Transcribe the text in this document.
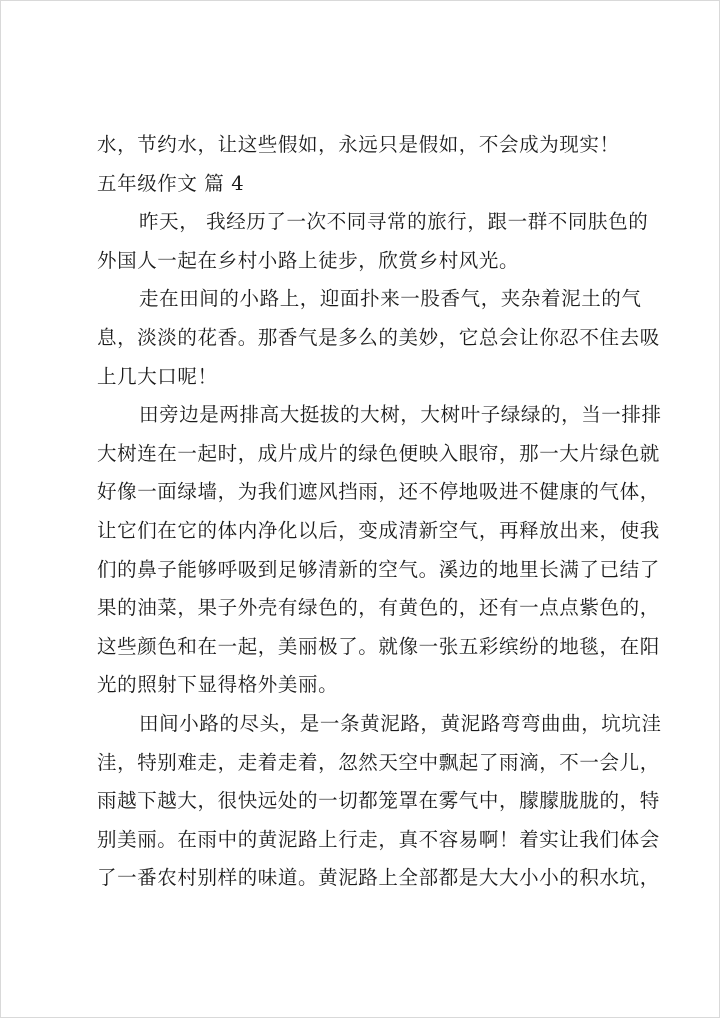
水，节约水，让这些假如，永远只是假如，不会成为现实！
五年级作文 篇 4
昨天， 我经历了一次不同寻常的旅行，跟一群不同肤色的
外国人一起在乡村小路上徒步，欣赏乡村风光。
走在田间的小路上，迎面扑来一股香气，夹杂着泥土的气
息，淡淡的花香。那香气是多么的美妙，它总会让你忍不住去吸
上几大口呢！
田旁边是两排高大挺拔的大树，大树叶子绿绿的，当一排排
大树连在一起时，成片成片的绿色便映入眼帘，那一大片绿色就
好像一面绿墙，为我们遮风挡雨，还不停地吸进不健康的气体，
让它们在它的体内净化以后，变成清新空气，再释放出来，使我
们的鼻子能够呼吸到足够清新的空气。溪边的地里长满了已结了
果的油菜，果子外壳有绿色的，有黄色的，还有一点点紫色的，
这些颜色和在一起，美丽极了。就像一张五彩缤纷的地毯，在阳
光的照射下显得格外美丽。
田间小路的尽头，是一条黄泥路，黄泥路弯弯曲曲，坑坑洼
洼，特别难走，走着走着，忽然天空中飘起了雨滴，不一会儿，
雨越下越大，很快远处的一切都笼罩在雾气中，朦朦胧胧的，特
别美丽。在雨中的黄泥路上行走，真不容易啊！着实让我们体会
了一番农村别样的味道。黄泥路上全部都是大大小小的积水坑，
